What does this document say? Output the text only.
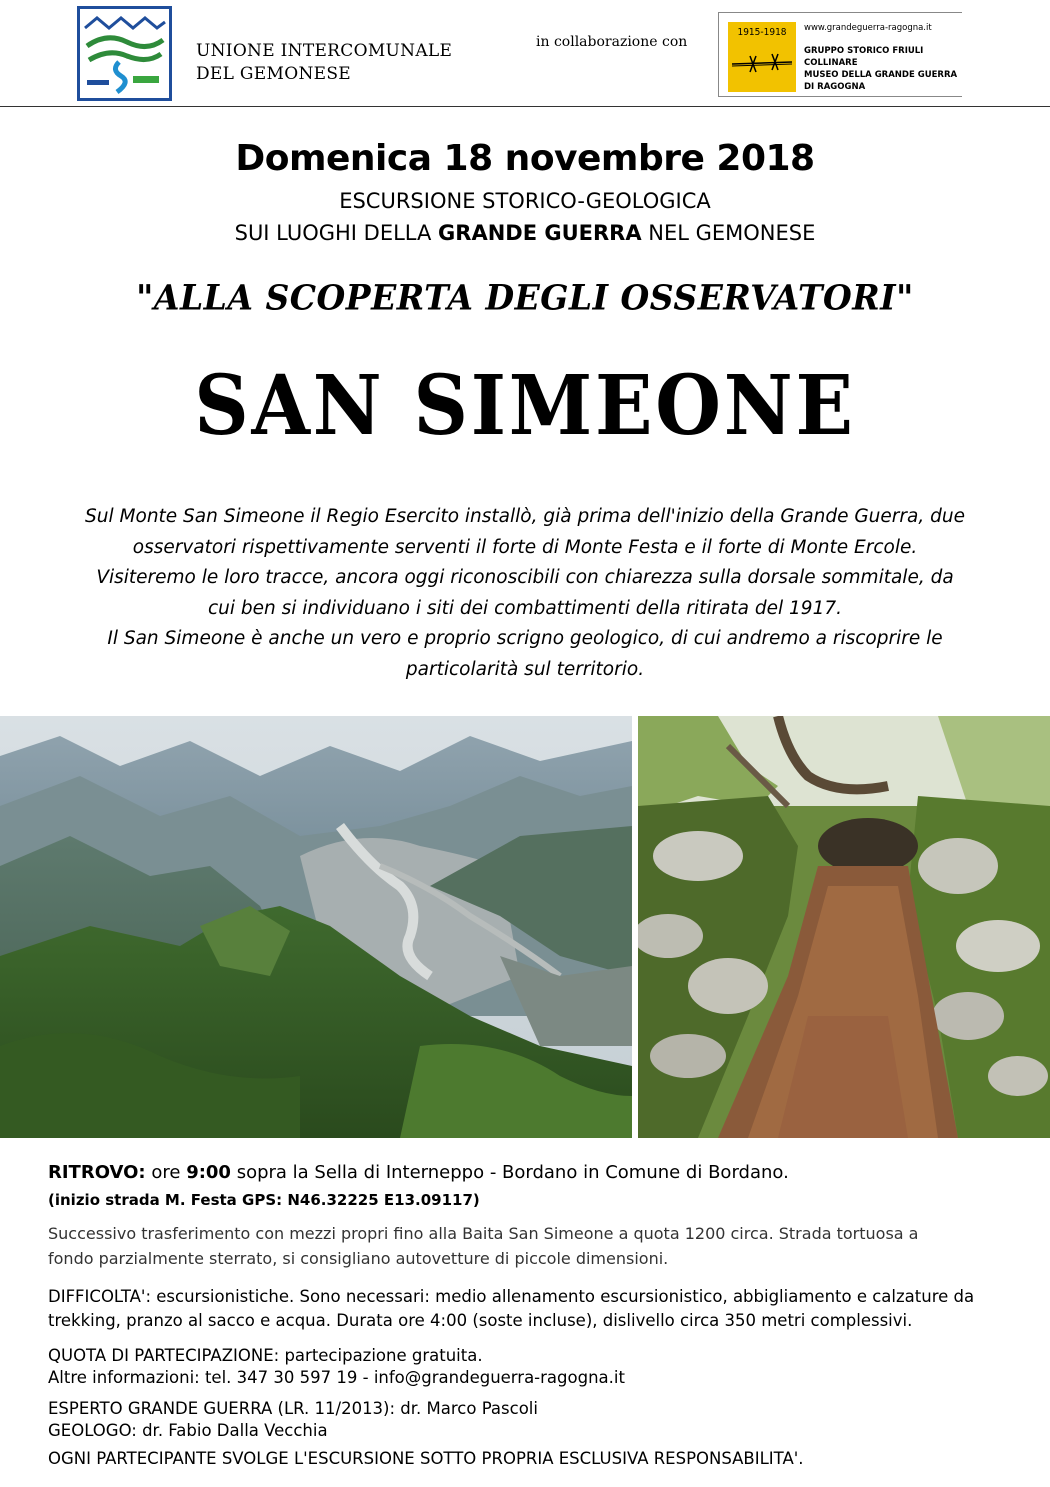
UNIONE INTERCOMUNALE
DEL GEMONESE
in collaborazione con
1915-1918	www.grandeguerra-ragogna.it
GRUPPO STORICO FRIULI COLLINARE
MUSEO DELLA GRANDE GUERRA
DI RAGOGNA
Domenica 18 novembre 2018
ESCURSIONE STORICO-GEOLOGICA
SUI LUOGHI DELLA GRANDE GUERRA NEL GEMONESE
"ALLA SCOPERTA DEGLI OSSERVATORI"
SAN SIMEONE

Sul Monte San Simeone il Regio Esercito installò, già prima dell'inizio della Grande Guerra, due
osservatori rispettivamente serventi il forte di Monte Festa e il forte di Monte Ercole.
Visiteremo le loro tracce, ancora oggi riconoscibili con chiarezza sulla dorsale sommitale, da
cui ben si individuano i siti dei combattimenti della ritirata del 1917.
Il San Simeone è anche un vero e proprio scrigno geologico, di cui andremo a riscoprire le
particolarità sul territorio.

RITROVO: ore 9:00 sopra la Sella di Interneppo - Bordano in Comune di Bordano.
(inizio strada M. Festa GPS: N46.32225 E13.09117)
Successivo trasferimento con mezzi propri fino alla Baita San Simeone a quota 1200 circa. Strada tortuosa a
fondo parzialmente sterrato, si consigliano autovetture di piccole dimensioni.
DIFFICOLTA': escursionistiche. Sono necessari: medio allenamento escursionistico, abbigliamento e calzature da
trekking, pranzo al sacco e acqua. Durata ore 4:00 (soste incluse), dislivello circa 350 metri complessivi.
QUOTA DI PARTECIPAZIONE: partecipazione gratuita.
Altre informazioni: tel. 347 30 597 19 - info@grandeguerra-ragogna.it
ESPERTO GRANDE GUERRA (LR. 11/2013): dr. Marco Pascoli
GEOLOGO: dr. Fabio Dalla Vecchia
OGNI PARTECIPANTE SVOLGE L'ESCURSIONE SOTTO PROPRIA ESCLUSIVA RESPONSABILITA'.
